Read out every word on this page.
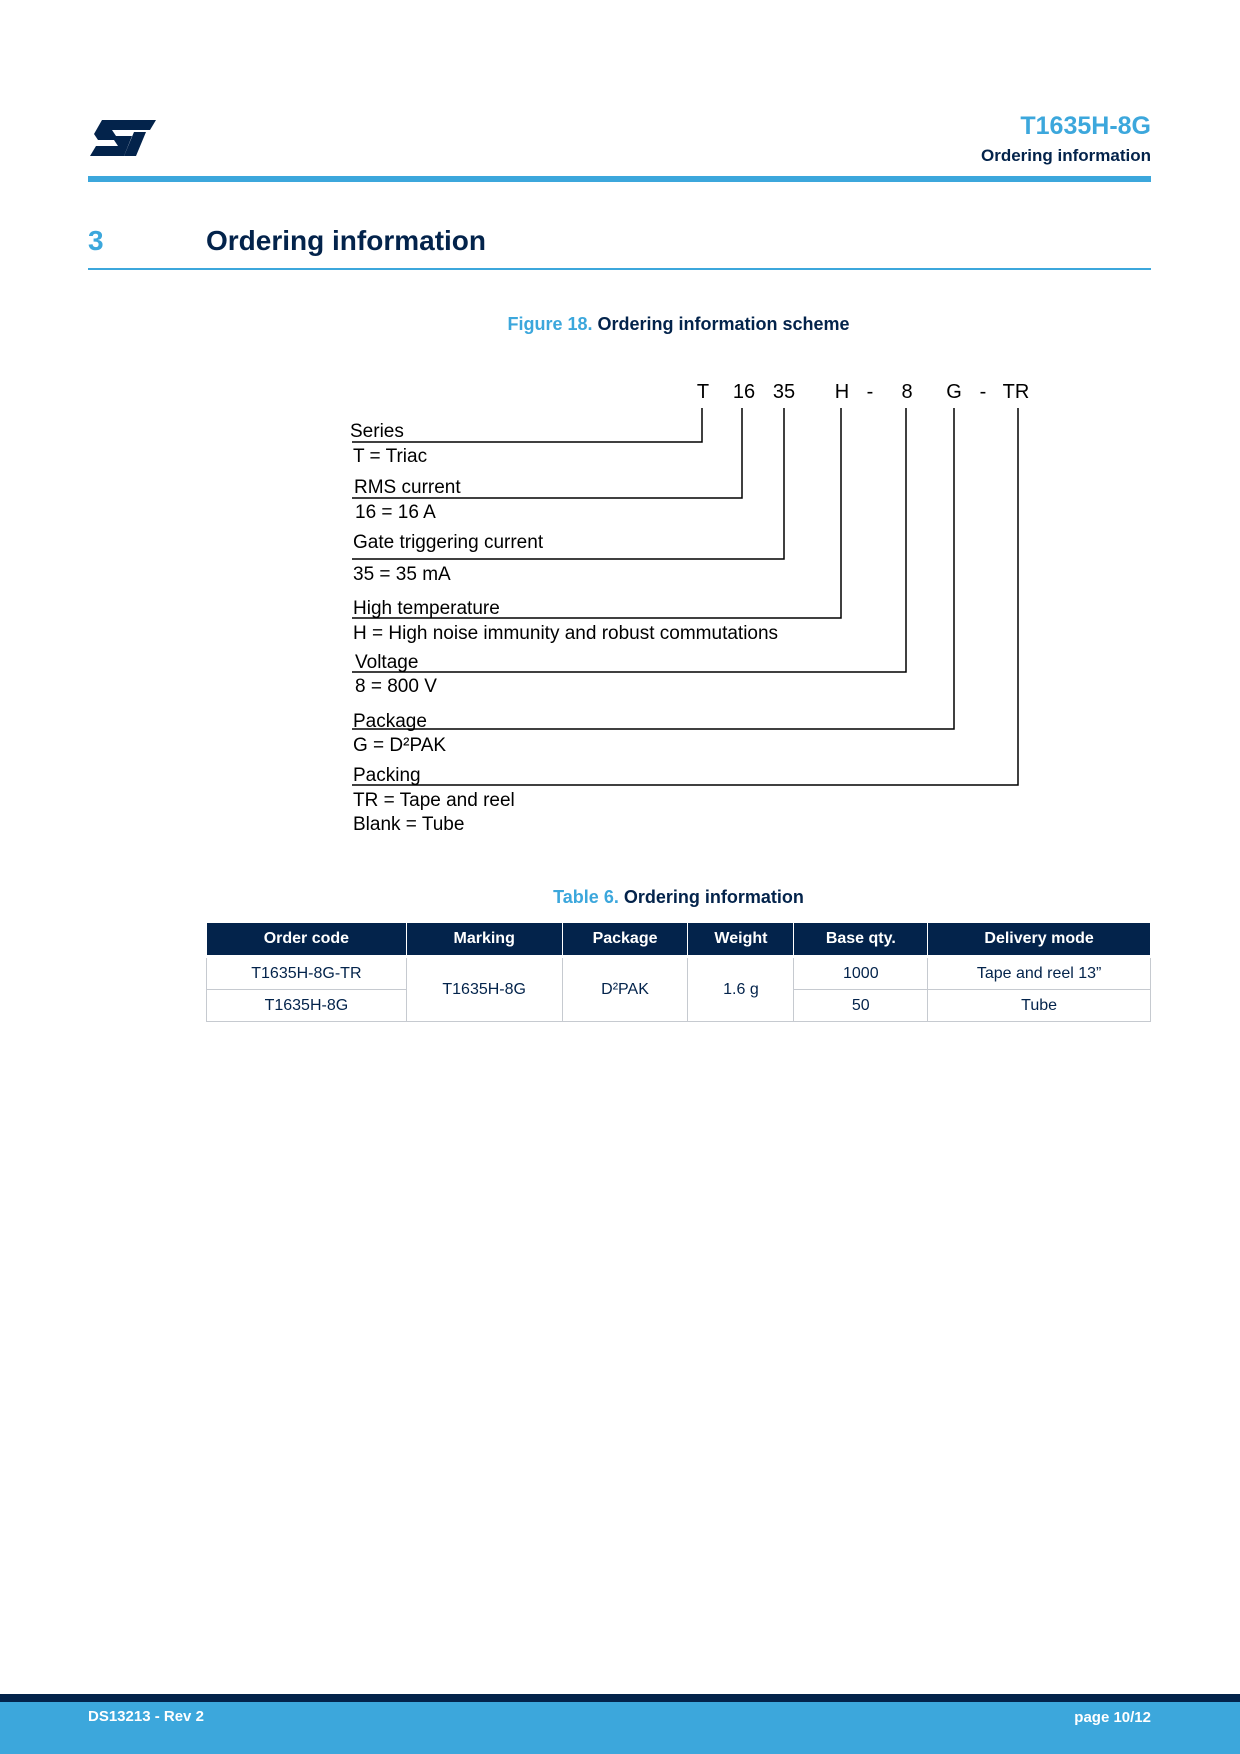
T1635H-8G
Ordering information
3	Ordering information
Figure 18. Ordering information scheme
T 16 35 H - 8 G - TR
Series
T = Triac
RMS current
16 = 16 A
Gate triggering current
35 = 35 mA
High temperature
H = High noise immunity and robust commutations
Voltage
8 = 800 V
Package
G = D²PAK
Packing
TR = Tape and reel
Blank = Tube
Table 6. Ordering information
Order code	Marking	Package	Weight	Base qty.	Delivery mode
T1635H-8G-TR	T1635H-8G	D²PAK	1.6 g	1000	Tape and reel 13”
T1635H-8G				50	Tube
DS13213 - Rev 2	page 10/12
